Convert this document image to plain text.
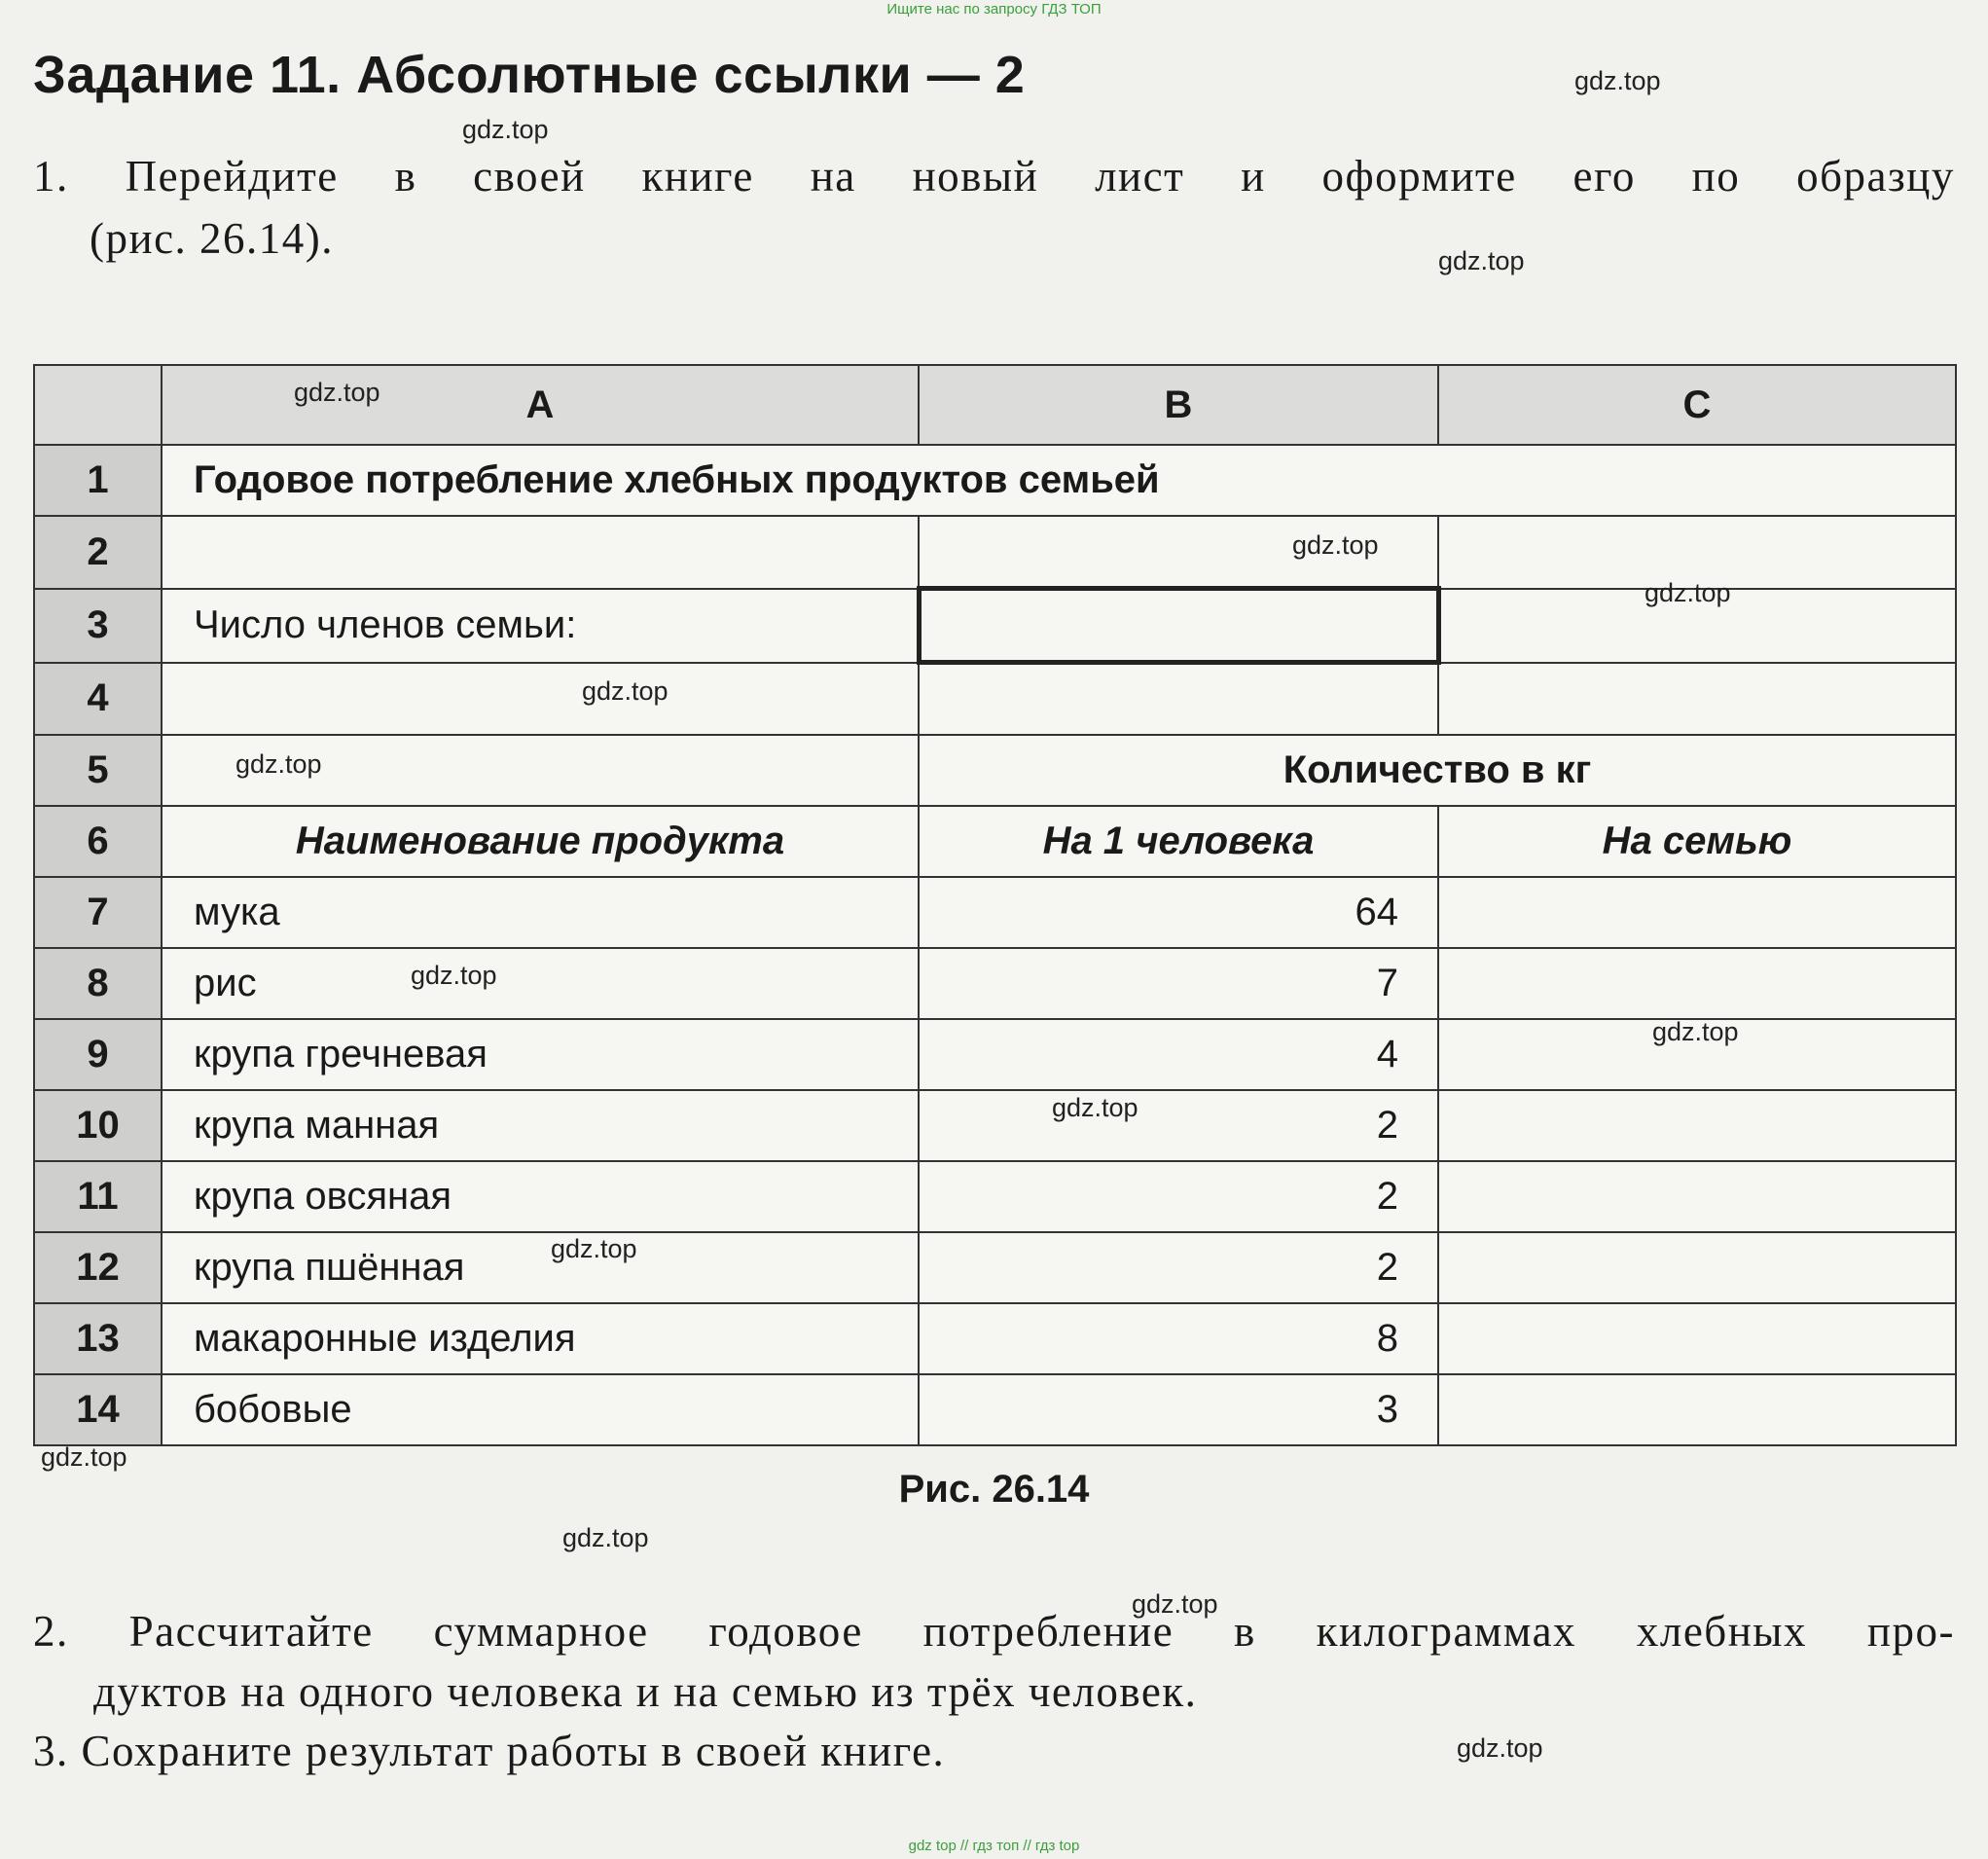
Ищите нас по запросу ГДЗ ТОП
Задание 11. Абсолютные ссылки — 2
1. Перейдите в своей книге на новый лист и оформите его по образцу
(рис. 26.14).
	A	B	C
1	Годовое потребление хлебных продуктов семьей		
2			
3	Число членов семьи:		
4			
5		Количество в кг	
6	Наименование продукта	На 1 человека	На семью
7	мука	64	
8	рис	7	
9	крупа гречневая	4	
10	крупа манная	2	
11	крупа овсяная	2	
12	крупа пшённая	2	
13	макаронные изделия	8	
14	бобовые	3	
Рис. 26.14
2. Рассчитайте суммарное годовое потребление в килограммах хлебных про-
дуктов на одного человека и на семью из трёх человек.
3. Сохраните результат работы в своей книге.
gdz.top
gdz.top
gdz.top
gdz.top
gdz.top
gdz.top
gdz.top
gdz.top
gdz.top
gdz.top
gdz.top
gdz.top
gdz.top
gdz.top
gdz.top
gdz.top
gdz top // гдз топ // гдз top
